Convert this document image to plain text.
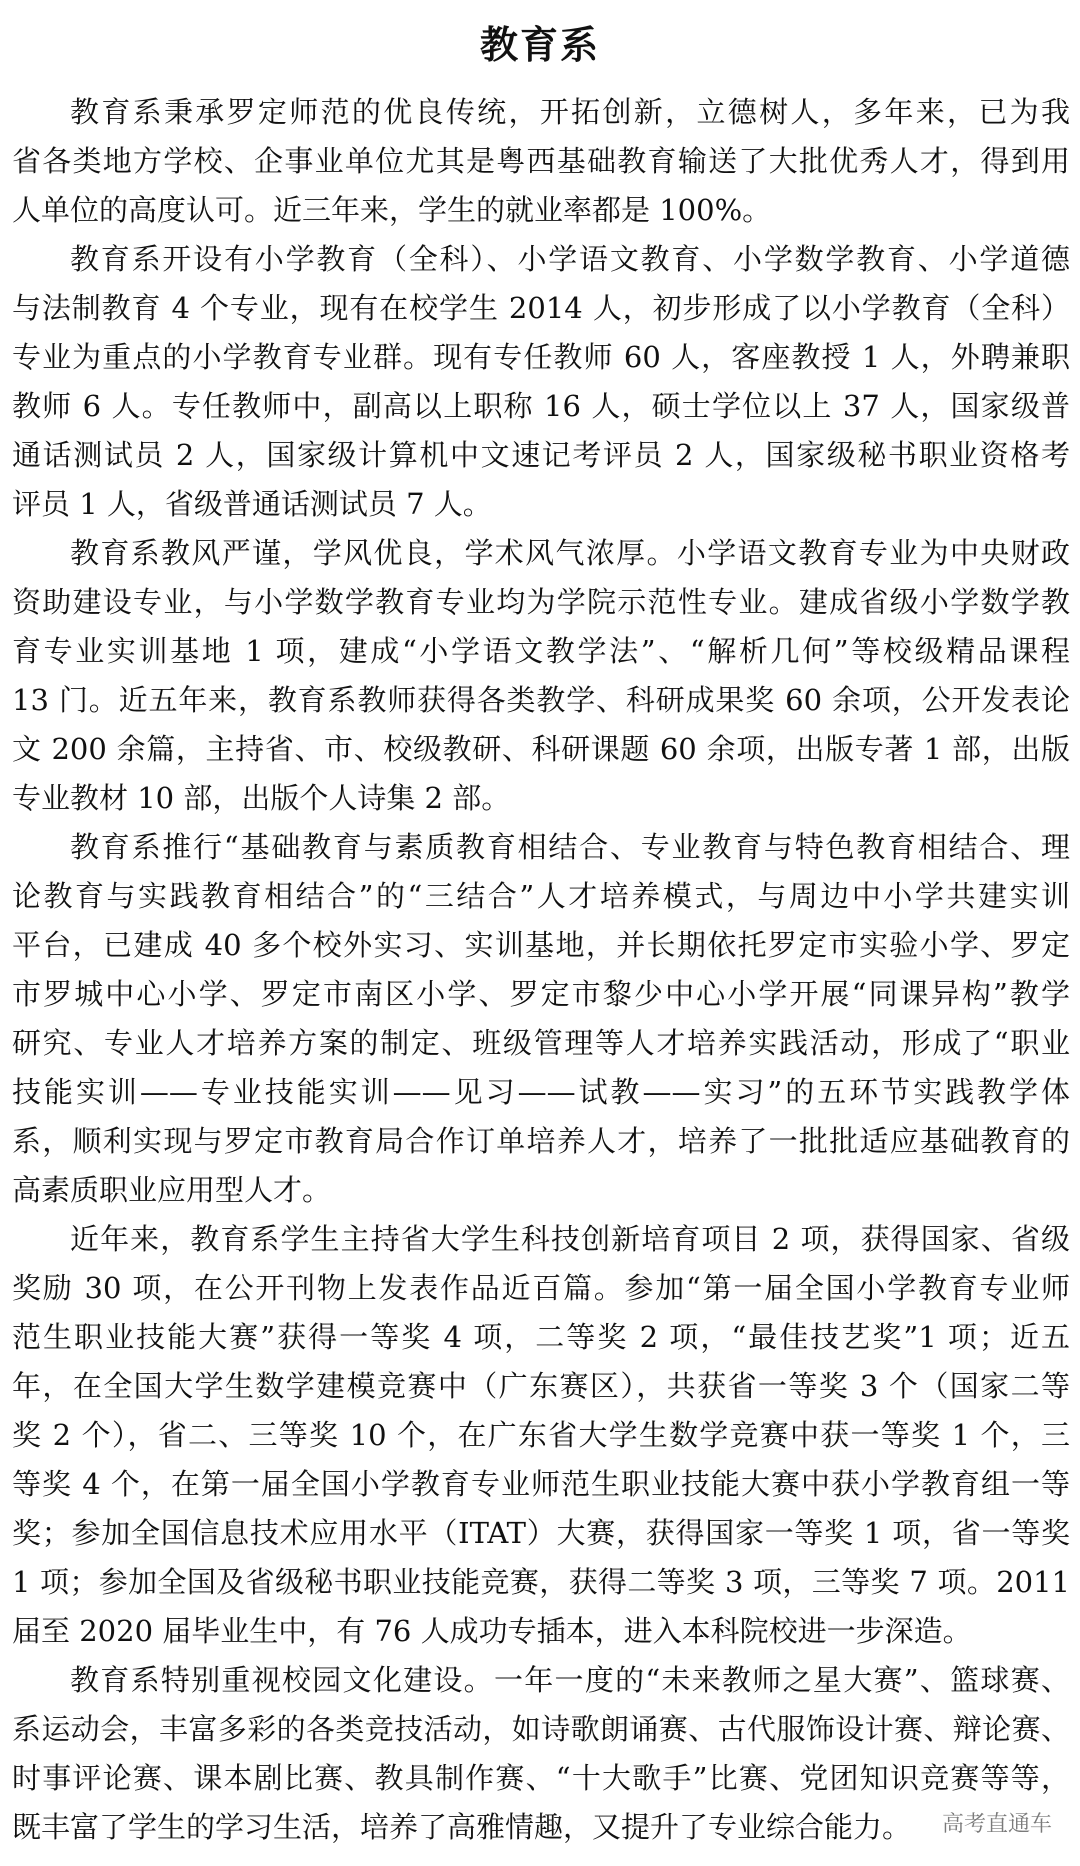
教育系
教育系秉承罗定师范的优良传统，开拓创新，立德树人，多年来，已为我
省各类地方学校、企事业单位尤其是粤西基础教育输送了大批优秀人才，得到用
人单位的高度认可。近三年来，学生的就业率都是 100%。
教育系开设有小学教育（全科）、小学语文教育、小学数学教育、小学道德
与法制教育 4 个专业，现有在校学生 2014 人，初步形成了以小学教育（全科）
专业为重点的小学教育专业群。现有专任教师 60 人，客座教授 1 人，外聘兼职
教师 6 人。专任教师中，副高以上职称 16 人，硕士学位以上 37 人，国家级普
通话测试员 2 人，国家级计算机中文速记考评员 2 人，国家级秘书职业资格考
评员 1 人，省级普通话测试员 7 人。
教育系教风严谨，学风优良，学术风气浓厚。小学语文教育专业为中央财政
资助建设专业，与小学数学教育专业均为学院示范性专业。建成省级小学数学教
育专业实训基地 1 项，建成“小学语文教学法”、“解析几何”等校级精品课程
13 门。近五年来，教育系教师获得各类教学、科研成果奖 60 余项，公开发表论
文 200 余篇，主持省、市、校级教研、科研课题 60 余项，出版专著 1 部，出版
专业教材 10 部，出版个人诗集 2 部。
教育系推行“基础教育与素质教育相结合、专业教育与特色教育相结合、理
论教育与实践教育相结合”的“三结合”人才培养模式，与周边中小学共建实训
平台，已建成 40 多个校外实习、实训基地，并长期依托罗定市实验小学、罗定
市罗城中心小学、罗定市南区小学、罗定市黎少中心小学开展“同课异构”教学
研究、专业人才培养方案的制定、班级管理等人才培养实践活动，形成了“职业
技能实训——专业技能实训——见习——试教——实习”的五环节实践教学体
系，顺利实现与罗定市教育局合作订单培养人才，培养了一批批适应基础教育的
高素质职业应用型人才。
近年来，教育系学生主持省大学生科技创新培育项目 2 项，获得国家、省级
奖励 30 项，在公开刊物上发表作品近百篇。参加“第一届全国小学教育专业师
范生职业技能大赛”获得一等奖 4 项，二等奖 2 项，“最佳技艺奖”1 项；近五
年，在全国大学生数学建模竞赛中（广东赛区），共获省一等奖 3 个（国家二等
奖 2 个），省二、三等奖 10 个，在广东省大学生数学竞赛中获一等奖 1 个，三
等奖 4 个，在第一届全国小学教育专业师范生职业技能大赛中获小学教育组一等
奖；参加全国信息技术应用水平（ITAT）大赛，获得国家一等奖 1 项，省一等奖
1 项；参加全国及省级秘书职业技能竞赛，获得二等奖 3 项，三等奖 7 项。2011
届至 2020 届毕业生中，有 76 人成功专插本，进入本科院校进一步深造。
教育系特别重视校园文化建设。一年一度的“未来教师之星大赛”、篮球赛、
系运动会，丰富多彩的各类竞技活动，如诗歌朗诵赛、古代服饰设计赛、辩论赛、
时事评论赛、课本剧比赛、教具制作赛、“十大歌手”比赛、党团知识竞赛等等，
既丰富了学生的学习生活，培养了高雅情趣，又提升了专业综合能力。	高考直通车
